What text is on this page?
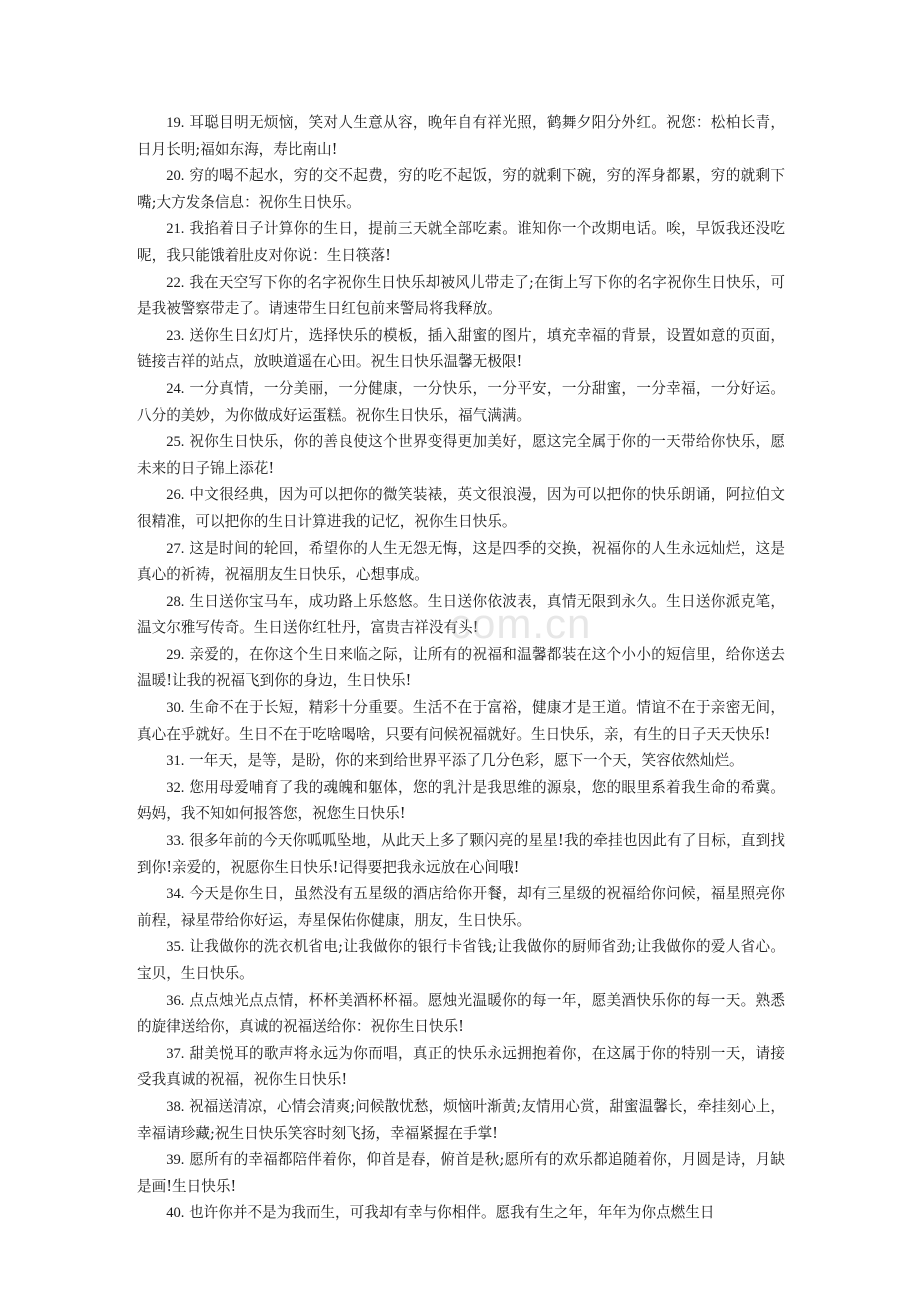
19. 耳聪目明无烦恼，笑对人生意从容，晚年自有祥光照，鹤舞夕阳分外红。祝您：松柏长青，日月长明;福如东海，寿比南山!

20. 穷的喝不起水，穷的交不起费，穷的吃不起饭，穷的就剩下碗，穷的浑身都累，穷的就剩下嘴;大方发条信息：祝你生日快乐。

21. 我掐着日子计算你的生日，提前三天就全部吃素。谁知你一个改期电话。唉，早饭我还没吃呢，我只能饿着肚皮对你说：生日筷落!

22. 我在天空写下你的名字祝你生日快乐却被风儿带走了;在街上写下你的名字祝你生日快乐，可是我被警察带走了。请速带生日红包前来警局将我释放。

23. 送你生日幻灯片，选择快乐的模板，插入甜蜜的图片，填充幸福的背景，设置如意的页面，链接吉祥的站点，放映道遥在心田。祝生日快乐温馨无极限!

24. 一分真情，一分美丽，一分健康，一分快乐，一分平安，一分甜蜜，一分幸福，一分好运。八分的美妙，为你做成好运蛋糕。祝你生日快乐，福气满满。

25. 祝你生日快乐，你的善良使这个世界变得更加美好，愿这完全属于你的一天带给你快乐，愿未来的日子锦上添花!

26. 中文很经典，因为可以把你的微笑装裱，英文很浪漫，因为可以把你的快乐朗诵，阿拉伯文很精准，可以把你的生日计算进我的记忆，祝你生日快乐。

27. 这是时间的轮回，希望你的人生无怨无悔，这是四季的交换，祝福你的人生永远灿烂，这是真心的祈祷，祝福朋友生日快乐，心想事成。

28. 生日送你宝马车，成功路上乐悠悠。生日送你依波表，真情无限到永久。生日送你派克笔，温文尔雅写传奇。生日送你红牡丹，富贵吉祥没有头!

29. 亲爱的，在你这个生日来临之际，让所有的祝福和温馨都装在这个小小的短信里，给你送去温暖!让我的祝福飞到你的身边，生日快乐!

30. 生命不在于长短，精彩十分重要。生活不在于富裕，健康才是王道。情谊不在于亲密无间，真心在乎就好。生日不在于吃啥喝啥，只要有问候祝福就好。生日快乐，亲，有生的日子天天快乐!

31. 一年天，是等，是盼，你的来到给世界平添了几分色彩，愿下一个天，笑容依然灿烂。

32. 您用母爱哺育了我的魂魄和躯体，您的乳汁是我思维的源泉，您的眼里系着我生命的希冀。妈妈，我不知如何报答您，祝您生日快乐!

33. 很多年前的今天你呱呱坠地，从此天上多了颗闪亮的星星!我的牵挂也因此有了目标，直到找到你!亲爱的，祝愿你生日快乐!记得要把我永远放在心间哦!

34. 今天是你生日，虽然没有五星级的酒店给你开餐，却有三星级的祝福给你问候，福星照亮你前程，禄星带给你好运，寿星保佑你健康，朋友，生日快乐。

35. 让我做你的洗衣机省电;让我做你的银行卡省钱;让我做你的厨师省劲;让我做你的爱人省心。宝贝，生日快乐。

36. 点点烛光点点情，杯杯美酒杯杯福。愿烛光温暖你的每一年，愿美酒快乐你的每一天。熟悉的旋律送给你，真诚的祝福送给你：祝你生日快乐!

37. 甜美悦耳的歌声将永远为你而唱，真正的快乐永远拥抱着你，在这属于你的特别一天，请接受我真诚的祝福，祝你生日快乐!

38. 祝福送清凉，心情会清爽;问候散忧愁，烦恼叶渐黄;友情用心赏，甜蜜温馨长，牵挂刻心上，幸福请珍藏;祝生日快乐笑容时刻飞扬，幸福紧握在手掌!

39. 愿所有的幸福都陪伴着你，仰首是春，俯首是秋;愿所有的欢乐都追随着你，月圆是诗，月缺是画!生日快乐!

40. 也许你并不是为我而生，可我却有幸与你相伴。愿我有生之年，年年为你点燃生日

com.cn
